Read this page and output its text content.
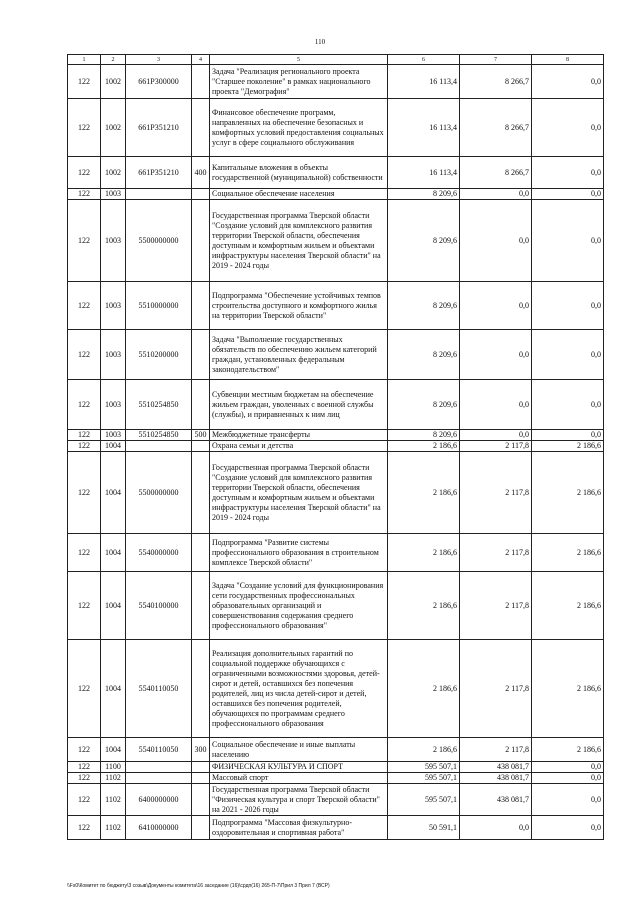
110
1	2	3	4	5	6	7	8
122	1002	661P300000		Задача "Реализация регионального проекта "Старшее поколение" в рамках национального проекта "Демография"	16 113,4	8 266,7	0,0
122	1002	661P351210		Финансовое обеспечение программ, направленных на обеспечение безопасных и комфортных условий предоставления социальных услуг в сфере социального обслуживания	16 113,4	8 266,7	0,0
122	1002	661P351210	400	Капитальные вложения в объекты государственной (муниципальной) собственности	16 113,4	8 266,7	0,0
122	1003			Социальное обеспечение населения	8 209,6	0,0	0,0
122	1003	5500000000		Государственная программа Тверской области "Создание условий для комплексного развития территории Тверской области, обеспечения доступным и комфортным жильем и объектами инфраструктуры населения Тверской области" на 2019 - 2024 годы	8 209,6	0,0	0,0
122	1003	5510000000		Подпрограмма "Обеспечение устойчивых темпов строительства доступного и комфортного жилья на территории Тверской области"	8 209,6	0,0	0,0
122	1003	5510200000		Задача "Выполнение государственных обязательств по обеспечению жильем категорий граждан, установленных федеральным законодательством"	8 209,6	0,0	0,0
122	1003	5510254850		Субвенции местным бюджетам на обеспечение жильем граждан, уволенных с военной службы (службы), и приравненных к ним лиц	8 209,6	0,0	0,0
122	1003	5510254850	500	Межбюджетные трансферты	8 209,6	0,0	0,0
122	1004			Охрана семьи и детства	2 186,6	2 117,8	2 186,6
122	1004	5500000000		Государственная программа Тверской области "Создание условий для комплексного развития территории Тверской области, обеспечения доступным и комфортным жильем и объектами инфраструктуры населения Тверской области" на 2019 - 2024 годы	2 186,6	2 117,8	2 186,6
122	1004	5540000000		Подпрограмма "Развитие системы профессионального образования в строительном комплексе Тверской области"	2 186,6	2 117,8	2 186,6
122	1004	5540100000		Задача "Создание условий для функционирования сети государственных профессиональных образовательных организаций и совершенствования содержания среднего профессионального образования"	2 186,6	2 117,8	2 186,6
122	1004	5540110050		Реализация дополнительных гарантий по социальной поддержке обучающихся с ограниченными возможностями здоровья, детей-сирот и детей, оставшихся без попечения родителей, лиц из числа детей-сирот и детей, оставшихся без попечения родителей, обучающихся по программам среднего профессионального образования	2 186,6	2 117,8	2 186,6
122	1004	5540110050	300	Социальное обеспечение и иные выплаты населению	2 186,6	2 117,8	2 186,6
122	1100			ФИЗИЧЕСКАЯ КУЛЬТУРА И СПОРТ	595 507,1	438 081,7	0,0
122	1102			Массовый спорт	595 507,1	438 081,7	0,0
122	1102	6400000000		Государственная программа Тверской области "Физическая культура и спорт Тверской области" на 2021 - 2026 годы	595 507,1	438 081,7	0,0
122	1102	6410000000		Подпрограмма "Массовая физкультурно-оздоровительная и спортивная работа"	50 591,1	0,0	0,0
\\Fs0\Комитет по бюджету\3 созыв\Документы комитета\16 заседание (16)\срдп(16) 265-П-7\Прил 3 Прил 7 (ВСР)
